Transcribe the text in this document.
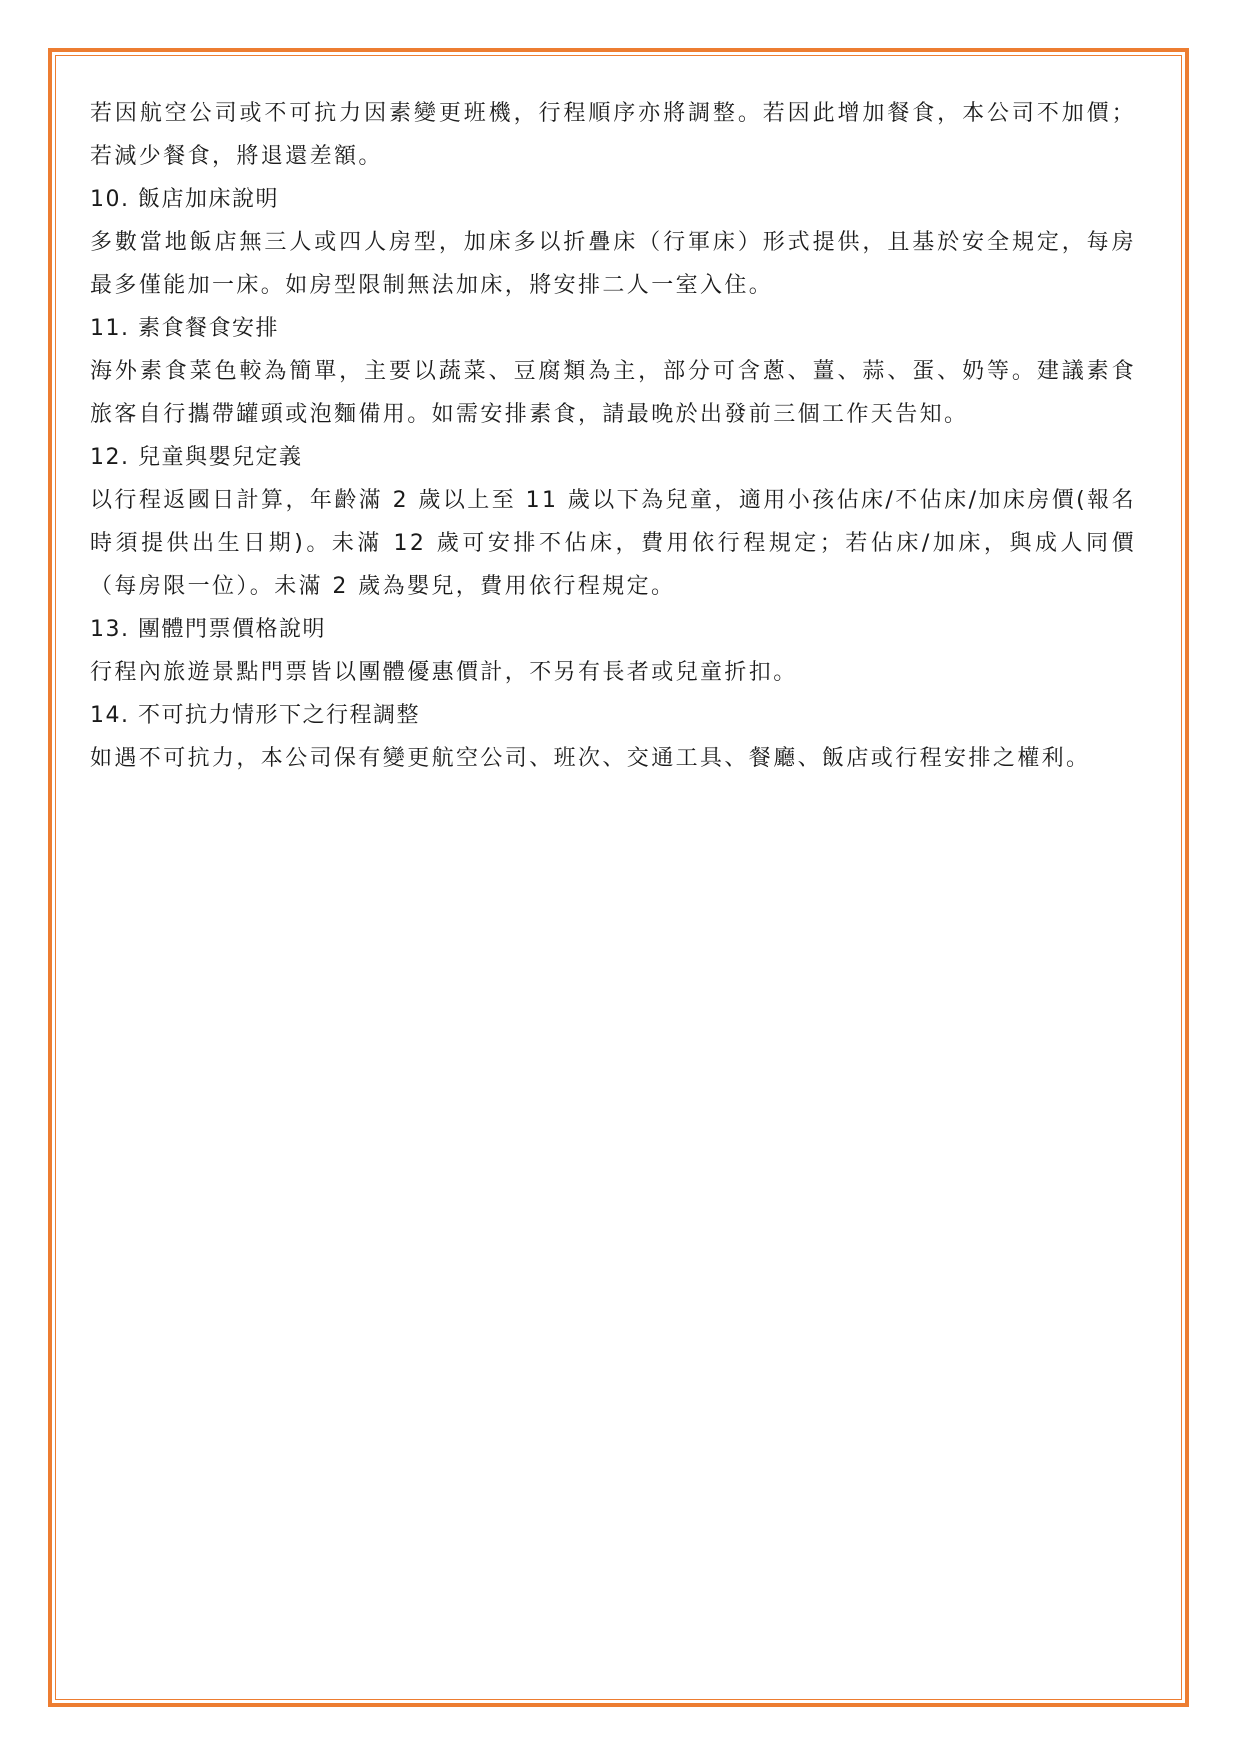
若因航空公司或不可抗力因素變更班機，行程順序亦將調整。若因此增加餐食，本公司不加價；若減少餐食，將退還差額。

10. 飯店加床說明

多數當地飯店無三人或四人房型，加床多以折疊床（行軍床）形式提供，且基於安全規定，每房最多僅能加一床。如房型限制無法加床，將安排二人一室入住。

11. 素食餐食安排

海外素食菜色較為簡單，主要以蔬菜、豆腐類為主，部分可含蔥、薑、蒜、蛋、奶等。建議素食旅客自行攜帶罐頭或泡麵備用。如需安排素食，請最晚於出發前三個工作天告知。

12. 兒童與嬰兒定義

以行程返國日計算，年齡滿 2 歲以上至 11 歲以下為兒童，適用小孩佔床/不佔床/加床房價(報名時須提供出生日期)。未滿 12 歲可安排不佔床，費用依行程規定；若佔床/加床，與成人同價（每房限一位）。未滿 2 歲為嬰兒，費用依行程規定。

13. 團體門票價格說明

行程內旅遊景點門票皆以團體優惠價計，不另有長者或兒童折扣。

14. 不可抗力情形下之行程調整

如遇不可抗力，本公司保有變更航空公司、班次、交通工具、餐廳、飯店或行程安排之權利。
